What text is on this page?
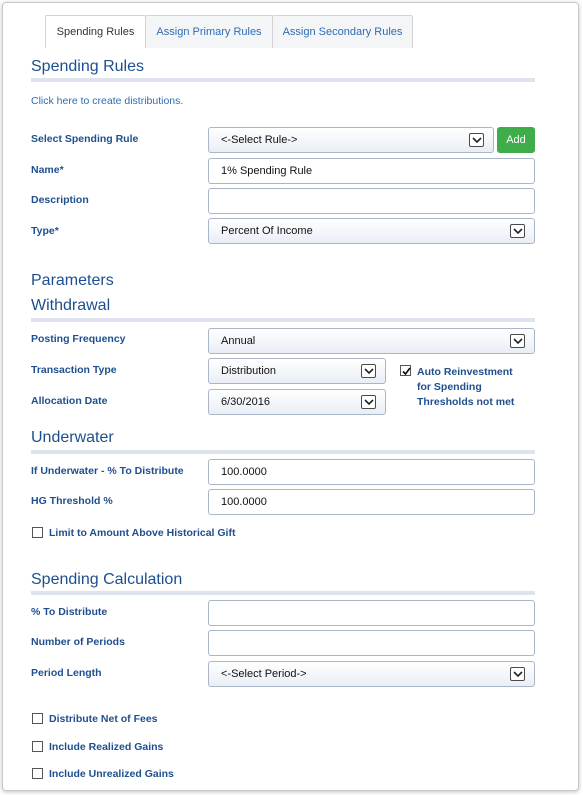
Spending Rules	Assign Primary Rules	Assign Secondary Rules
Spending Rules
Click here to create distributions.
Select Spending Rule	<-Select Rule->	Add
Name*	1% Spending Rule
Description
Type*	Percent Of Income
Parameters
Withdrawal
Posting Frequency	Annual
Transaction Type	Distribution	Auto Reinvestment
for Spending
Thresholds not met
Allocation Date	6/30/2016
Underwater
If Underwater - % To Distribute	100.0000
HG Threshold %	100.0000
Limit to Amount Above Historical Gift
Spending Calculation
% To Distribute
Number of Periods
Period Length	<-Select Period->
Distribute Net of Fees
Include Realized Gains
Include Unrealized Gains
